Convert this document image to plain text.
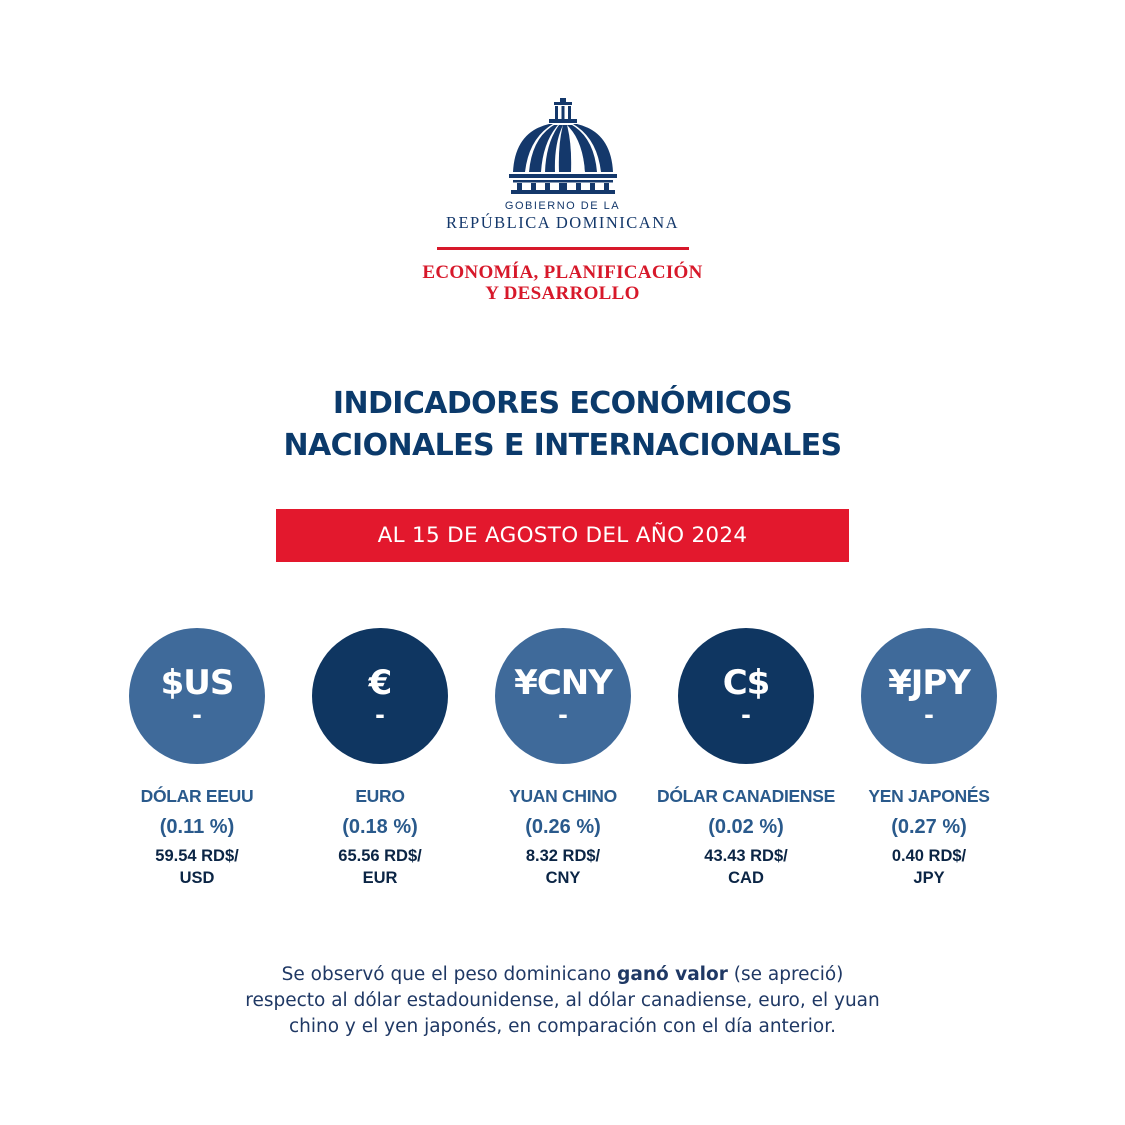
GOBIERNO DE LA
REPÚBLICA DOMINICANA
ECONOMÍA, PLANIFICACIÓN
Y DESARROLLO
INDICADORES ECONÓMICOS
NACIONALES E INTERNACIONALES
AL 15 DE AGOSTO DEL AÑO 2024
$US
-
DÓLAR EEUU
(0.11 %)
59.54 RD$/
USD
€
-
EURO
(0.18 %)
65.56 RD$/
EUR
¥CNY
-
YUAN CHINO
(0.26 %)
8.32 RD$/
CNY
C$
-
DÓLAR CANADIENSE
(0.02 %)
43.43 RD$/
CAD
¥JPY
-
YEN JAPONÉS
(0.27 %)
0.40 RD$/
JPY
Se observó que el peso dominicano ganó valor (se apreció)
respecto al dólar estadounidense, al dólar canadiense, euro, el yuan
chino y el yen japonés, en comparación con el día anterior.
